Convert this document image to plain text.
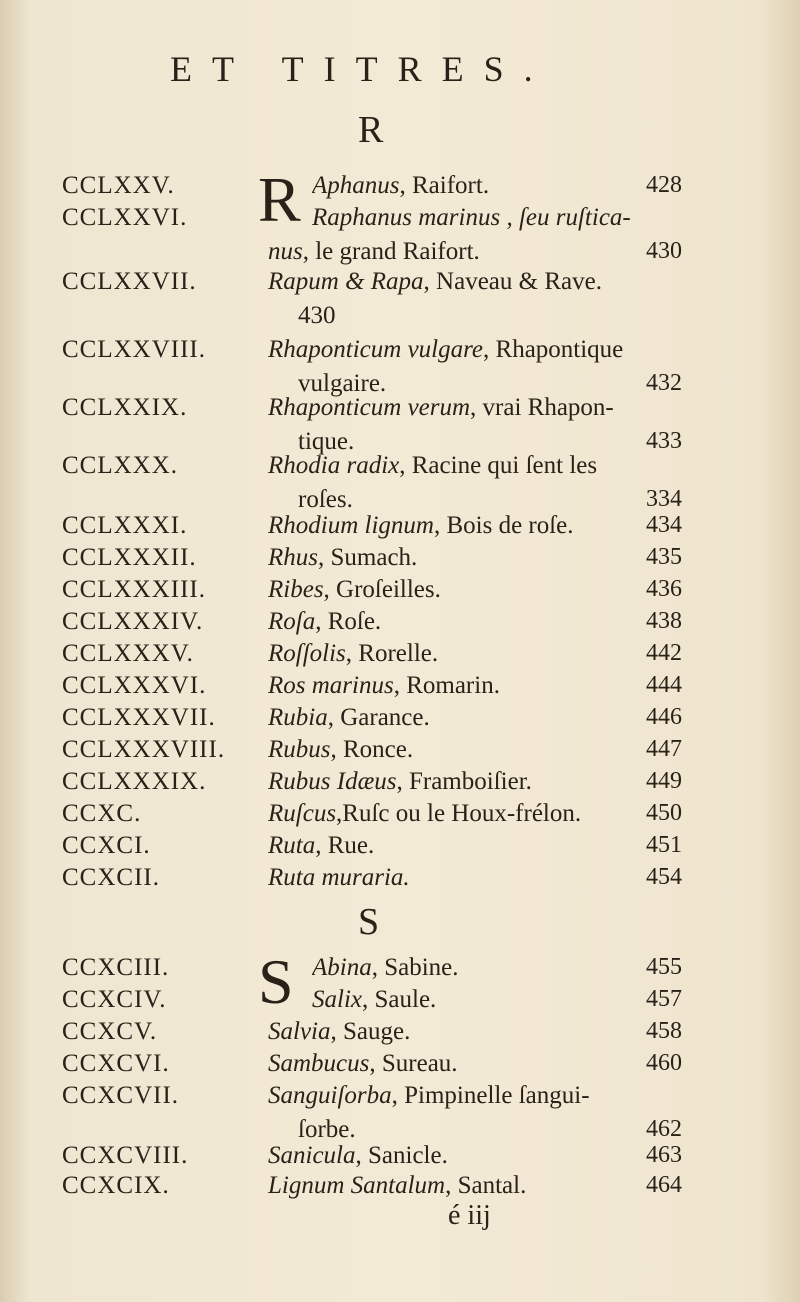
ET TITRES.
R
R
CCLXXV.	Aphanus, Raifort.	428
CCLXXVI.	Raphanus marinus , ſeu ruſtica-
nus, le grand Raifort.	430
CCLXXVII.	Rapum & Rapa, Naveau & Rave.
430
CCLXXVIII. Rhaponticum vulgare, Rhapontique
vulgaire.	432
CCLXXIX.	Rhaponticum verum, vrai Rhapon-
tique.	433
CCLXXX.	Rhodia radix, Racine qui ſent les
roſes.	334
CCLXXXI.	Rhodium lignum, Bois de roſe.	434
CCLXXXII.	Rhus, Sumach.	435
CCLXXXIII. Ribes, Groſeilles.	436
CCLXXXIV.	Roſa, Roſe.	438
CCLXXXV.	Roſſolis, Rorelle.	442
CCLXXXVI. Ros marinus, Romarin.	444
CCLXXXVII. Rubia, Garance.	446
CCLXXXVIII. Rubus, Ronce.	447
CCLXXXIX. Rubus Idæus, Framboiſier.	449
CCXC.	Ruſcus,Ruſc ou le Houx-frélon.	450
CCXCI.	Ruta, Rue.	451
CCXCII.	Ruta muraria.	454
S
S
CCXCIII.	Abina, Sabine.	455
CCXCIV.	Salix, Saule.	457
CCXCV.	Salvia, Sauge.	458
CCXCVI.	Sambucus, Sureau.	460
CCXCVII.	Sanguiſorba, Pimpinelle ſangui-
ſorbe.	462
CCXCVIII.	Sanicula, Sanicle.	463
CCXCIX.	Lignum Santalum, Santal.	464
é iij
